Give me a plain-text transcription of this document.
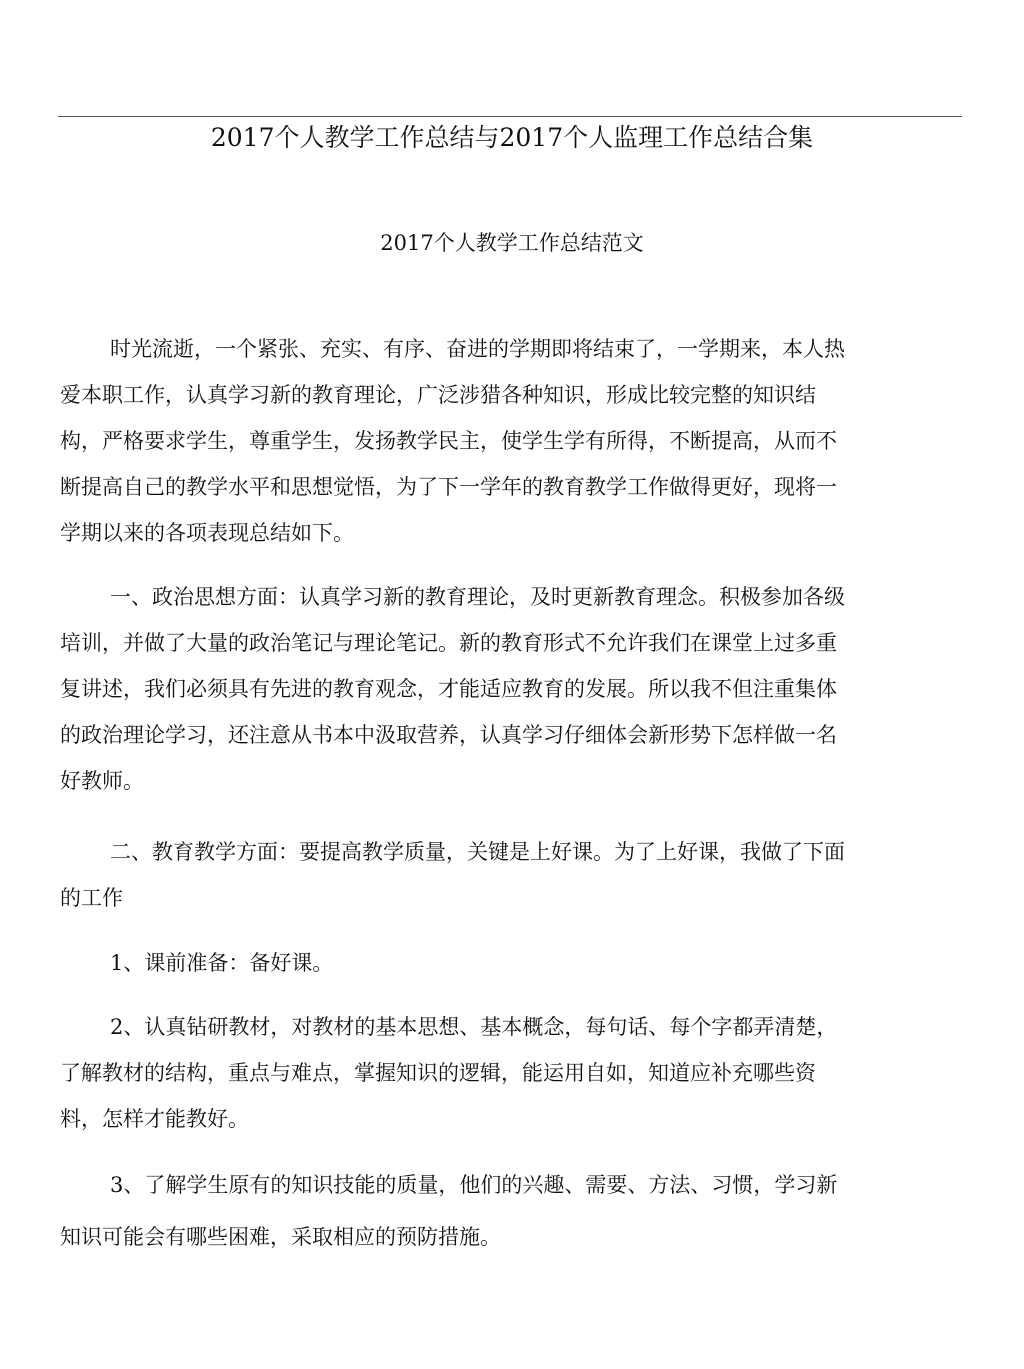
2017个人教学工作总结与2017个人监理工作总结合集
2017个人教学工作总结范文
时光流逝，一个紧张、充实、有序、奋进的学期即将结束了，一学期来，本人热
爱本职工作，认真学习新的教育理论，广泛涉猎各种知识，形成比较完整的知识结
构，严格要求学生，尊重学生，发扬教学民主，使学生学有所得，不断提高，从而不
断提高自己的教学水平和思想觉悟，为了下一学年的教育教学工作做得更好，现将一
学期以来的各项表现总结如下。
一、政治思想方面：认真学习新的教育理论，及时更新教育理念。积极参加各级
培训，并做了大量的政治笔记与理论笔记。新的教育形式不允许我们在课堂上过多重
复讲述，我们必须具有先进的教育观念，才能适应教育的发展。所以我不但注重集体
的政治理论学习，还注意从书本中汲取营养，认真学习仔细体会新形势下怎样做一名
好教师。
二、教育教学方面：要提高教学质量，关键是上好课。为了上好课，我做了下面
的工作
1、课前准备：备好课。
2、认真钻研教材，对教材的基本思想、基本概念，每句话、每个字都弄清楚，
了解教材的结构，重点与难点，掌握知识的逻辑，能运用自如，知道应补充哪些资
料，怎样才能教好。
3、了解学生原有的知识技能的质量，他们的兴趣、需要、方法、习惯，学习新
知识可能会有哪些困难，采取相应的预防措施。
